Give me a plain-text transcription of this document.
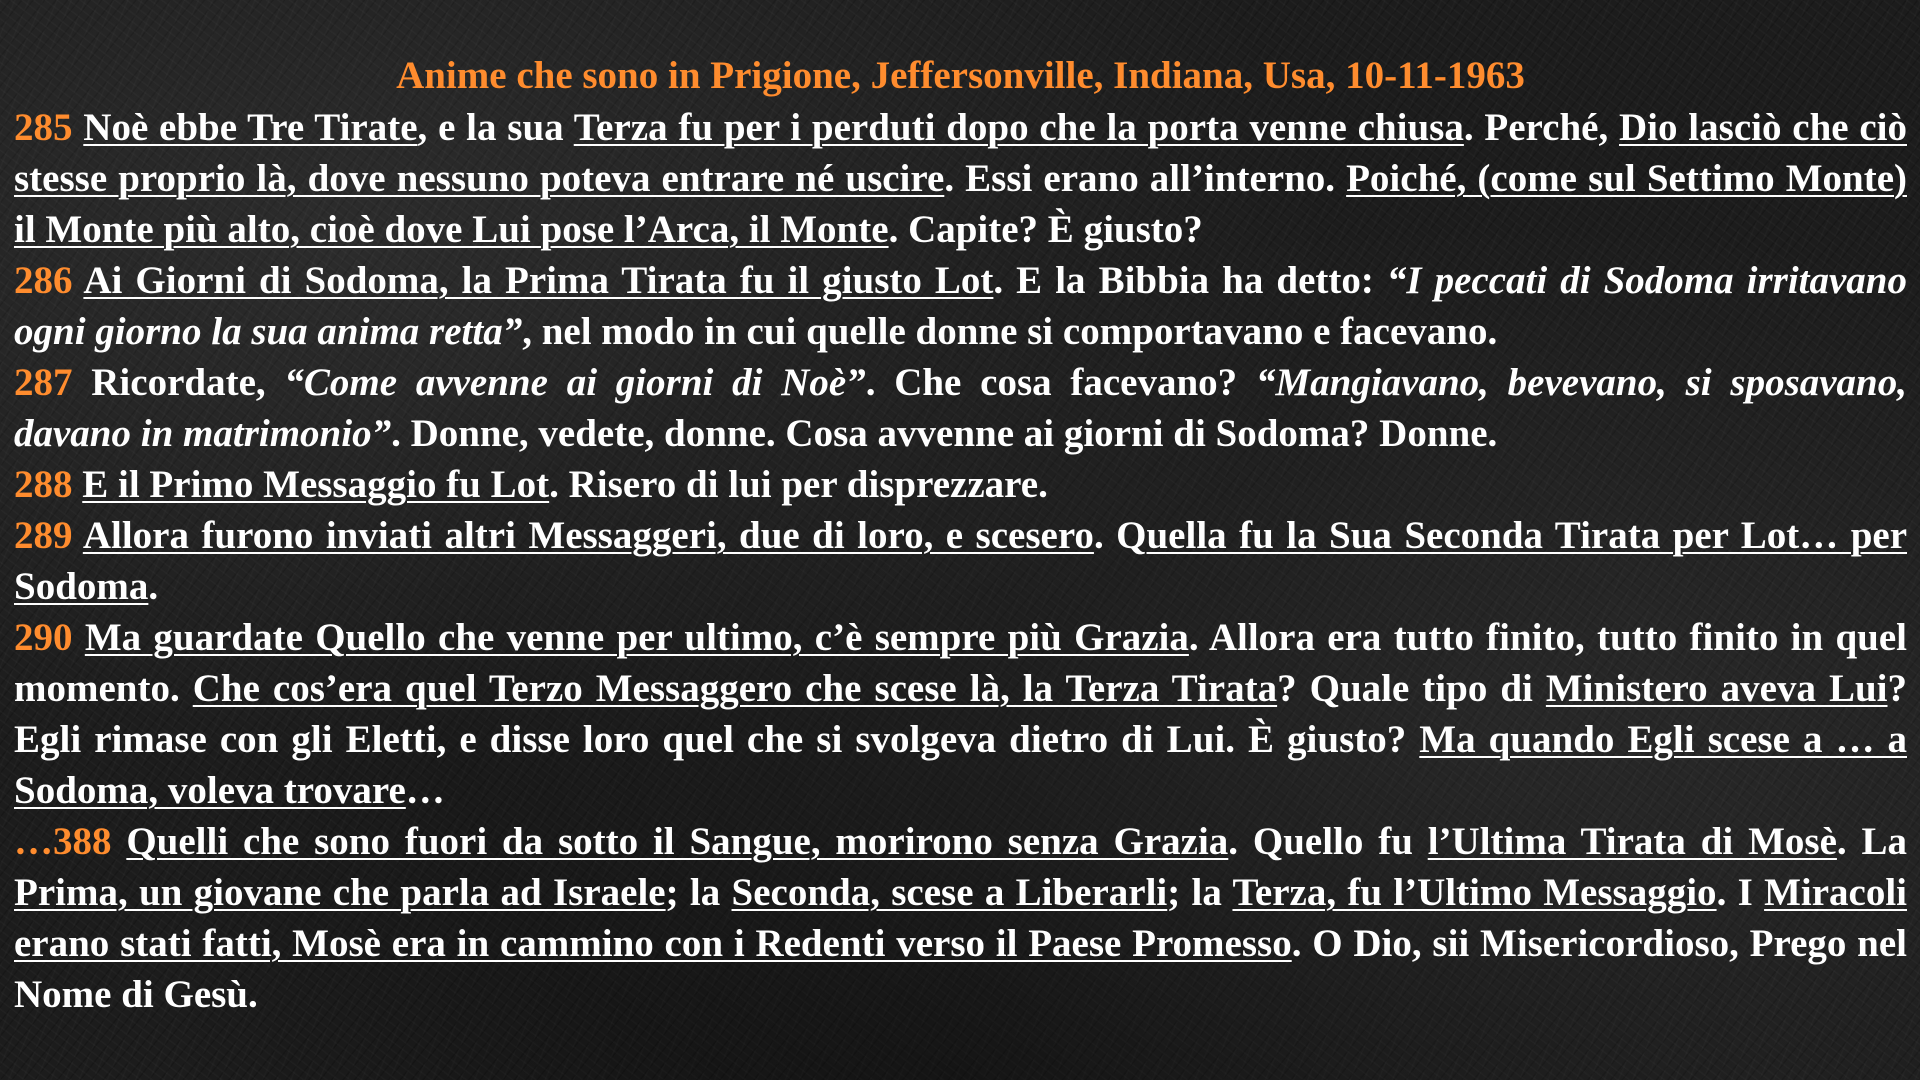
Anime che sono in Prigione, Jeffersonville, Indiana, Usa, 10-11-1963

285 Noè ebbe Tre Tirate, e la sua Terza fu per i perduti dopo che la porta venne chiusa. Perché, Dio lasciò che ciò stesse proprio là, dove nessuno poteva entrare né uscire. Essi erano all’interno. Poiché, (come sul Settimo Monte) il Monte più alto, cioè dove Lui pose l’Arca, il Monte. Capite? È giusto?

286 Ai Giorni di Sodoma, la Prima Tirata fu il giusto Lot. E la Bibbia ha detto: “I peccati di Sodoma irritavano ogni giorno la sua anima retta”, nel modo in cui quelle donne si comportavano e facevano.

287 Ricordate, “Come avvenne ai giorni di Noè”. Che cosa facevano? “Mangiavano, bevevano, si sposavano, davano in matrimonio”. Donne, vedete, donne. Cosa avvenne ai giorni di Sodoma? Donne.

288 E il Primo Messaggio fu Lot. Risero di lui per disprezzare.

289 Allora furono inviati altri Messaggeri, due di loro, e scesero. Quella fu la Sua Seconda Tirata per Lot… per Sodoma.

290 Ma guardate Quello che venne per ultimo, c’è sempre più Grazia. Allora era tutto finito, tutto finito in quel momento. Che cos’era quel Terzo Messaggero che scese là, la Terza Tirata? Quale tipo di Ministero aveva Lui? Egli rimase con gli Eletti, e disse loro quel che si svolgeva dietro di Lui. È giusto? Ma quando Egli scese a … a Sodoma, voleva trovare…

…388 Quelli che sono fuori da sotto il Sangue, morirono senza Grazia. Quello fu l’Ultima Tirata di Mosè. La Prima, un giovane che parla ad Israele; la Seconda, scese a Liberarli; la Terza, fu l’Ultimo Messaggio. I Miracoli erano stati fatti, Mosè era in cammino con i Redenti verso il Paese Promesso. O Dio, sii Misericordioso, Prego nel Nome di Gesù.
